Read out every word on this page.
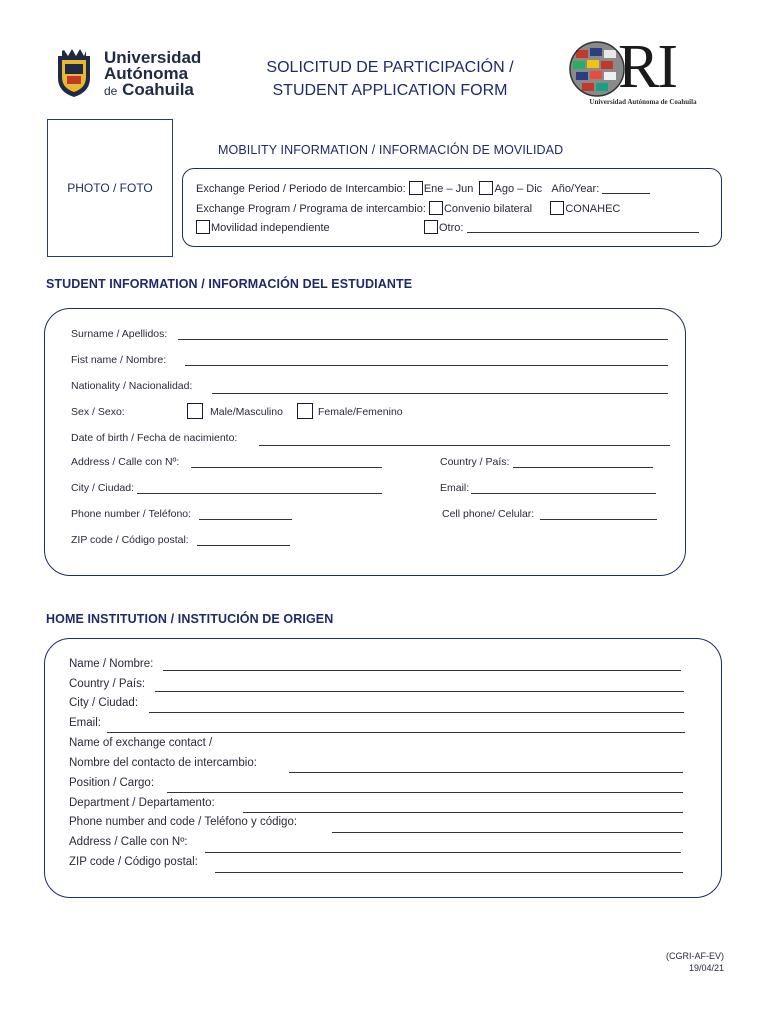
Universidad
Autónoma
de Coahuila
SOLICITUD DE PARTICIPACIÓN /
STUDENT APPLICATION FORM	RI
Universidad Autónoma de Coahuila
PHOTO / FOTO
MOBILITY INFORMATION / INFORMACIÓN DE MOVILIDAD
Exchange Period / Periodo de Intercambio: Ene – Jun Ago – Dic Año/Year:
Exchange Program / Programa de intercambio: Convenio bilateral	CONAHEC
Movilidad independiente	Otro:
STUDENT INFORMATION / INFORMACIÓN DEL ESTUDIANTE
Surname / Apellidos:
Fist name / Nombre:
Nationality / Nacionalidad:
Sex / Sexo:	Male/Masculino	Female/Femenino
Date of birth / Fecha de nacimiento:
Address / Calle con Nº:	Country / País:
City / Ciudad:	Email:
Phone number / Teléfono:	Cell phone/ Celular:
ZIP code / Código postal:
HOME INSTITUTION / INSTITUCIÓN DE ORIGEN
Name / Nombre:
Country / País:
City / Ciudad:
Email:
Name of exchange contact /
Nombre del contacto de intercambio:
Position / Cargo:
Department / Departamento:
Phone number and code / Teléfono y código:
Address / Calle con Nº:
ZIP code / Código postal:
(CGRI-AF-EV)
19/04/21
